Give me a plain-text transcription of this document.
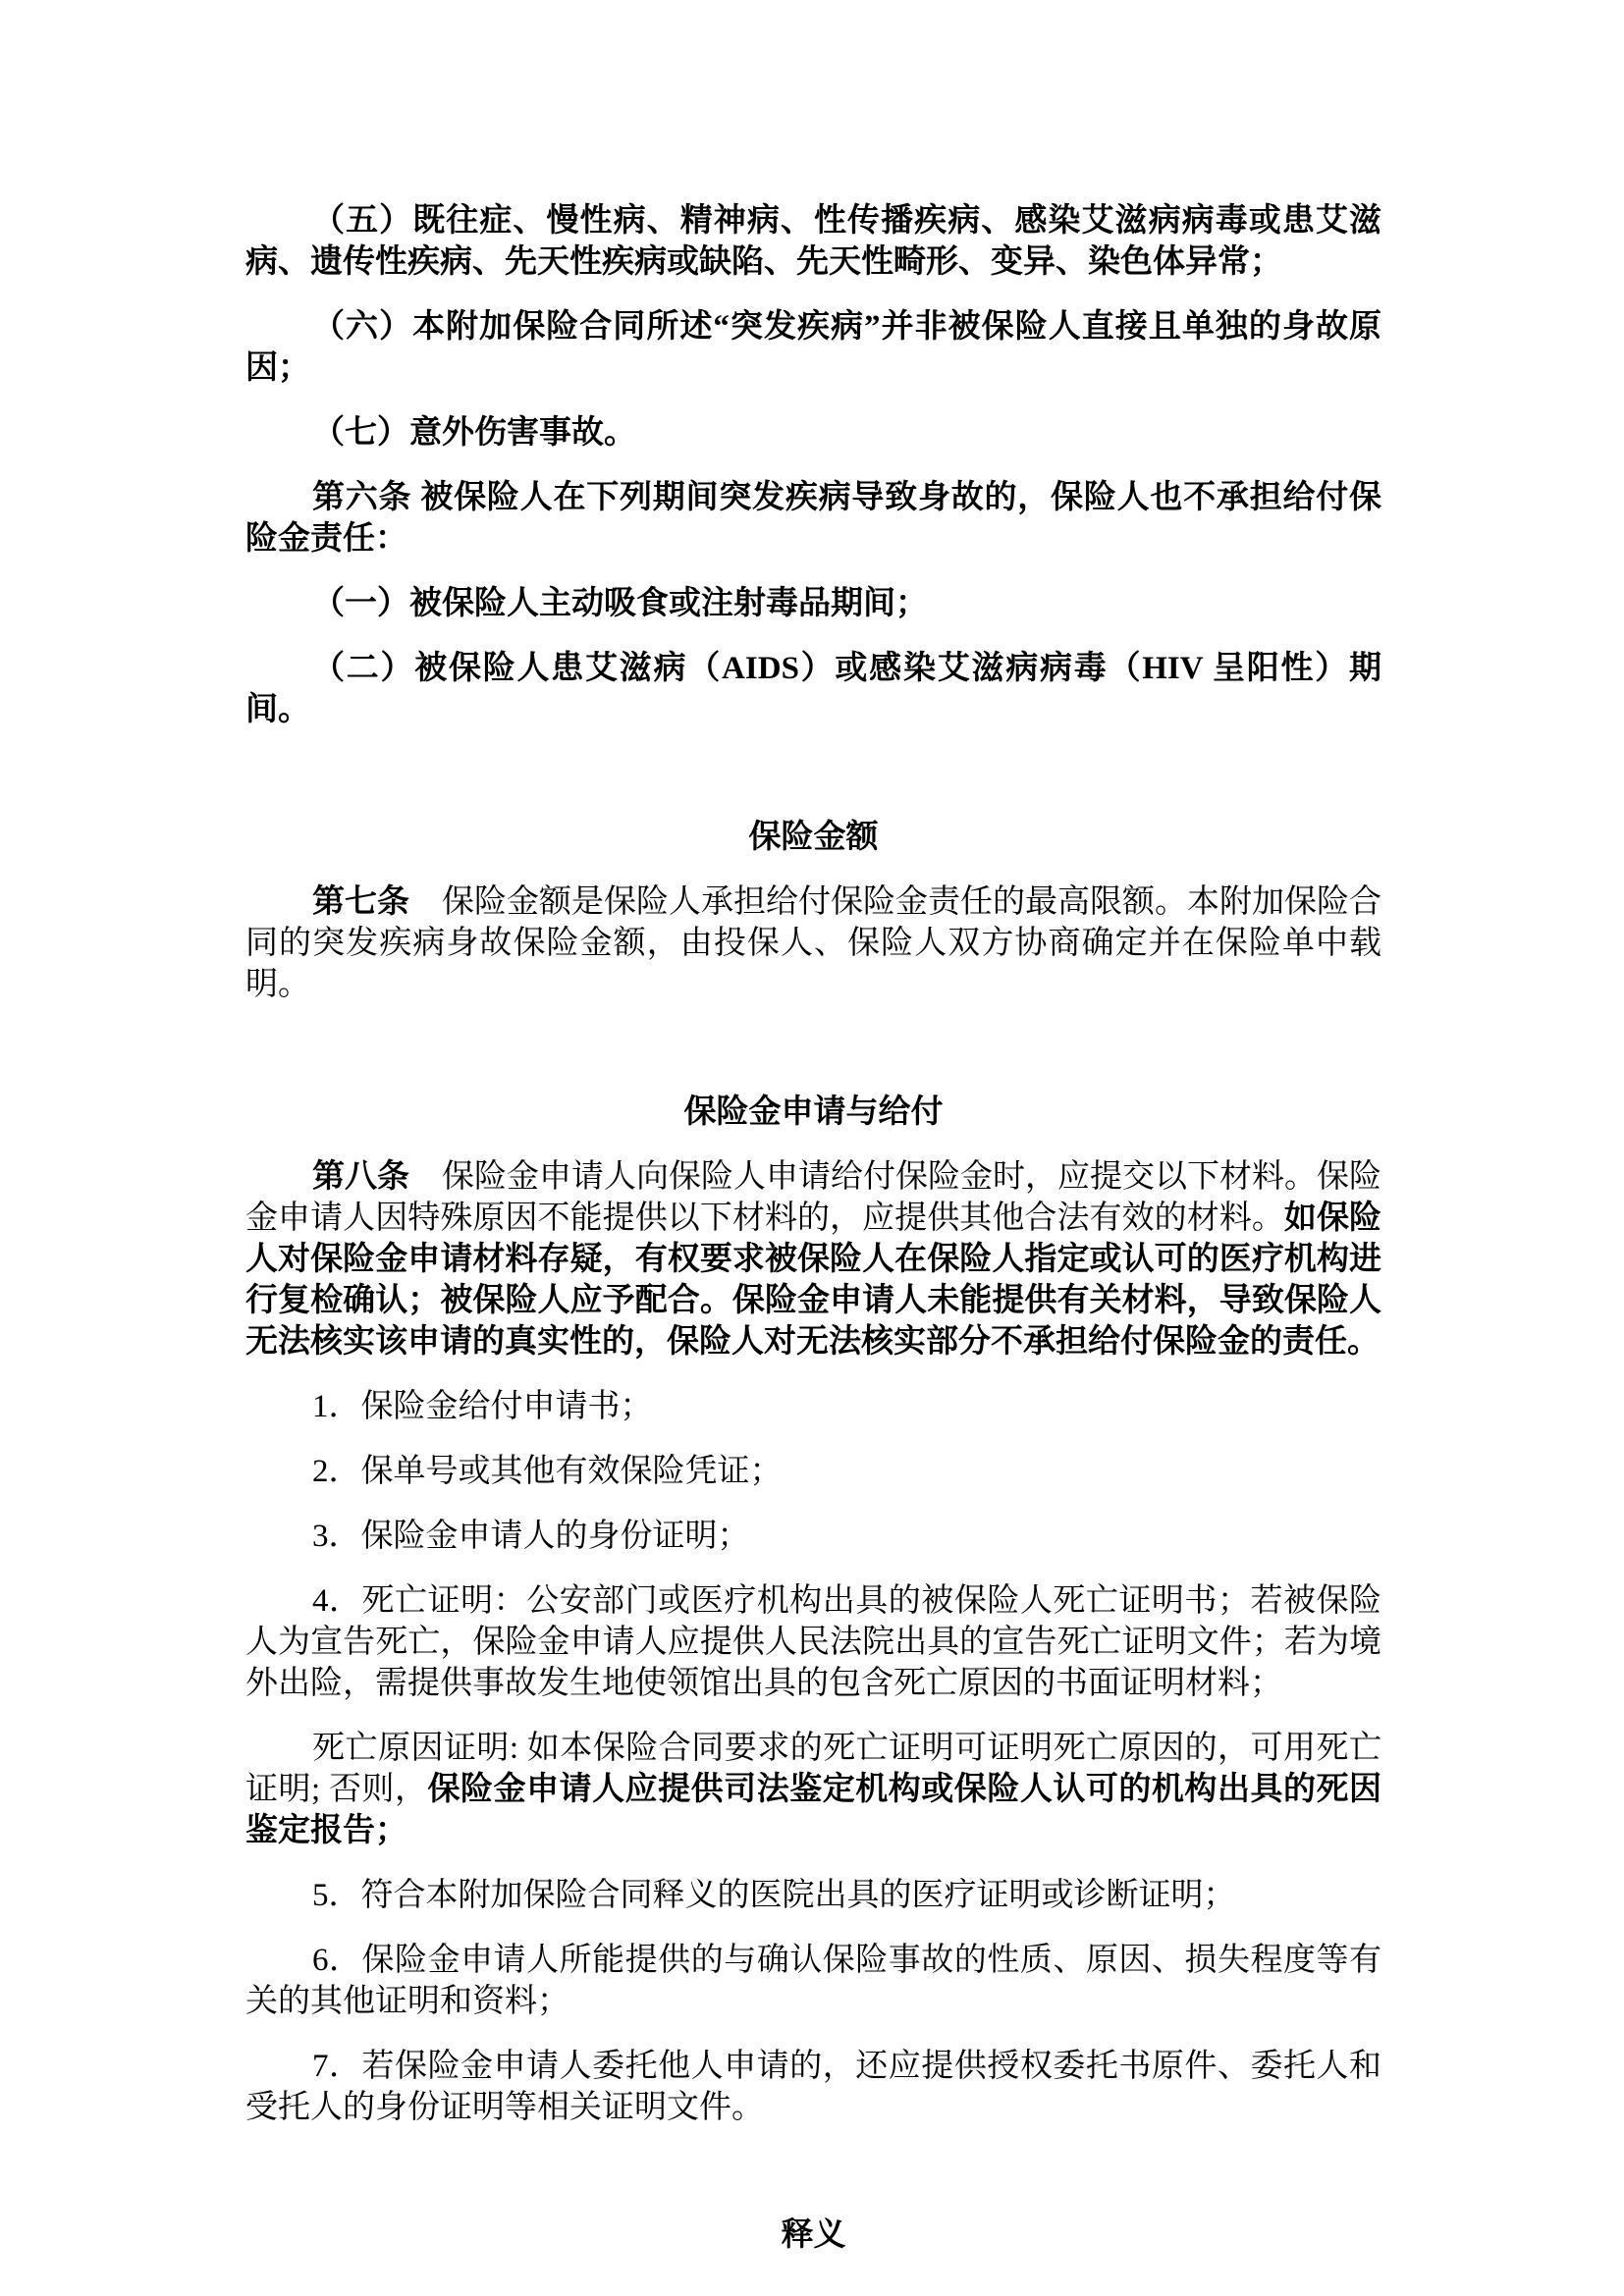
（五）既往症、慢性病、精神病、性传播疾病、感染艾滋病病毒或患艾滋病、遗传性疾病、先天性疾病或缺陷、先天性畸形、变异、染色体异常；

（六）本附加保险合同所述“突发疾病”并非被保险人直接且单独的身故原因；

（七）意外伤害事故。

第六条 被保险人在下列期间突发疾病导致身故的，保险人也不承担给付保险金责任：

（一）被保险人主动吸食或注射毒品期间；

（二）被保险人患艾滋病（AIDS）或感染艾滋病病毒（HIV 呈阳性）期间。

保险金额

第七条　保险金额是保险人承担给付保险金责任的最高限额。本附加保险合同的突发疾病身故保险金额，由投保人、保险人双方协商确定并在保险单中载明。

保险金申请与给付

第八条　保险金申请人向保险人申请给付保险金时，应提交以下材料。保险金申请人因特殊原因不能提供以下材料的，应提供其他合法有效的材料。如保险人对保险金申请材料存疑，有权要求被保险人在保险人指定或认可的医疗机构进行复检确认；被保险人应予配合。保险金申请人未能提供有关材料，导致保险人无法核实该申请的真实性的，保险人对无法核实部分不承担给付保险金的责任。

1．保险金给付申请书；

2．保单号或其他有效保险凭证；

3．保险金申请人的身份证明；

4．死亡证明：公安部门或医疗机构出具的被保险人死亡证明书；若被保险人为宣告死亡，保险金申请人应提供人民法院出具的宣告死亡证明文件；若为境外出险，需提供事故发生地使领馆出具的包含死亡原因的书面证明材料；

死亡原因证明: 如本保险合同要求的死亡证明可证明死亡原因的，可用死亡证明; 否则，保险金申请人应提供司法鉴定机构或保险人认可的机构出具的死因鉴定报告；

5．符合本附加保险合同释义的医院出具的医疗证明或诊断证明；

6．保险金申请人所能提供的与确认保险事故的性质、原因、损失程度等有关的其他证明和资料；

7．若保险金申请人委托他人申请的，还应提供授权委托书原件、委托人和受托人的身份证明等相关证明文件。

释义
